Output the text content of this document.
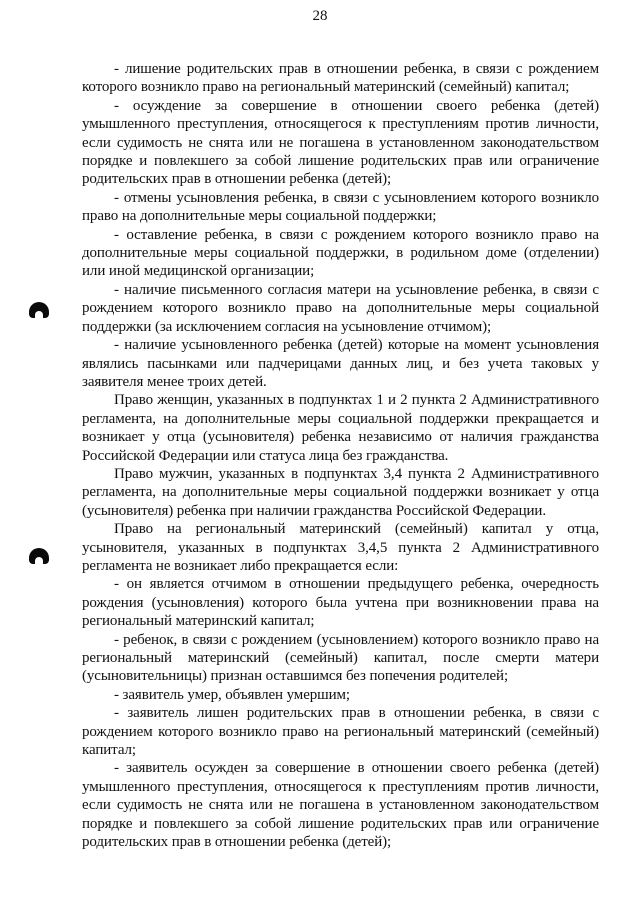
28

- лишение родительских прав в отношении ребенка, в связи с рождением которого возникло право на региональный материнский (семейный) капитал;

- осуждение за совершение в отношении своего ребенка (детей) умышленного преступления, относящегося к преступлениям против личности, если судимость не снята или не погашена в установленном законодательством порядке и повлекшего за собой лишение родительских прав или ограничение родительских прав в отношении ребенка (детей);

- отмены усыновления ребенка, в связи с усыновлением которого возникло право на дополнительные меры социальной поддержки;

- оставление ребенка, в связи с рождением которого возникло право на дополнительные меры социальной поддержки, в родильном доме (отделении) или иной медицинской организации;

- наличие письменного согласия матери на усыновление ребенка, в связи с рождением которого возникло право на дополнительные меры социальной поддержки (за исключением согласия на усыновление отчимом);

- наличие усыновленного ребенка (детей) которые на момент усыновления являлись пасынками или падчерицами данных лиц, и без учета таковых у заявителя менее троих детей.

Право женщин, указанных в подпунктах 1 и 2 пункта 2 Административного регламента, на дополнительные меры социальной поддержки прекращается и возникает у отца (усыновителя) ребенка независимо от наличия гражданства Российской Федерации или статуса лица без гражданства.

Право мужчин, указанных в подпунктах 3,4 пункта 2 Административного регламента, на дополнительные меры социальной поддержки возникает у отца (усыновителя) ребенка при наличии гражданства Российской Федерации.

Право на региональный материнский (семейный) капитал у отца, усыновителя, указанных в подпунктах 3,4,5 пункта 2 Административного регламента не возникает либо прекращается если:

- он является отчимом в отношении предыдущего ребенка, очередность рождения (усыновления) которого была учтена при возникновении права на региональный материнский капитал;

- ребенок, в связи с рождением (усыновлением) которого возникло право на региональный материнский (семейный) капитал, после смерти матери (усыновительницы) признан оставшимся без попечения родителей;

- заявитель умер, объявлен умершим;

- заявитель лишен родительских прав в отношении ребенка, в связи с рождением которого возникло право на региональный материнский (семейный) капитал;

- заявитель осужден за совершение в отношении своего ребенка (детей) умышленного преступления, относящегося к преступлениям против личности, если судимость не снята или не погашена в установленном законодательством порядке и повлекшего за собой лишение родительских прав или ограничение родительских прав в отношении ребенка (детей);
